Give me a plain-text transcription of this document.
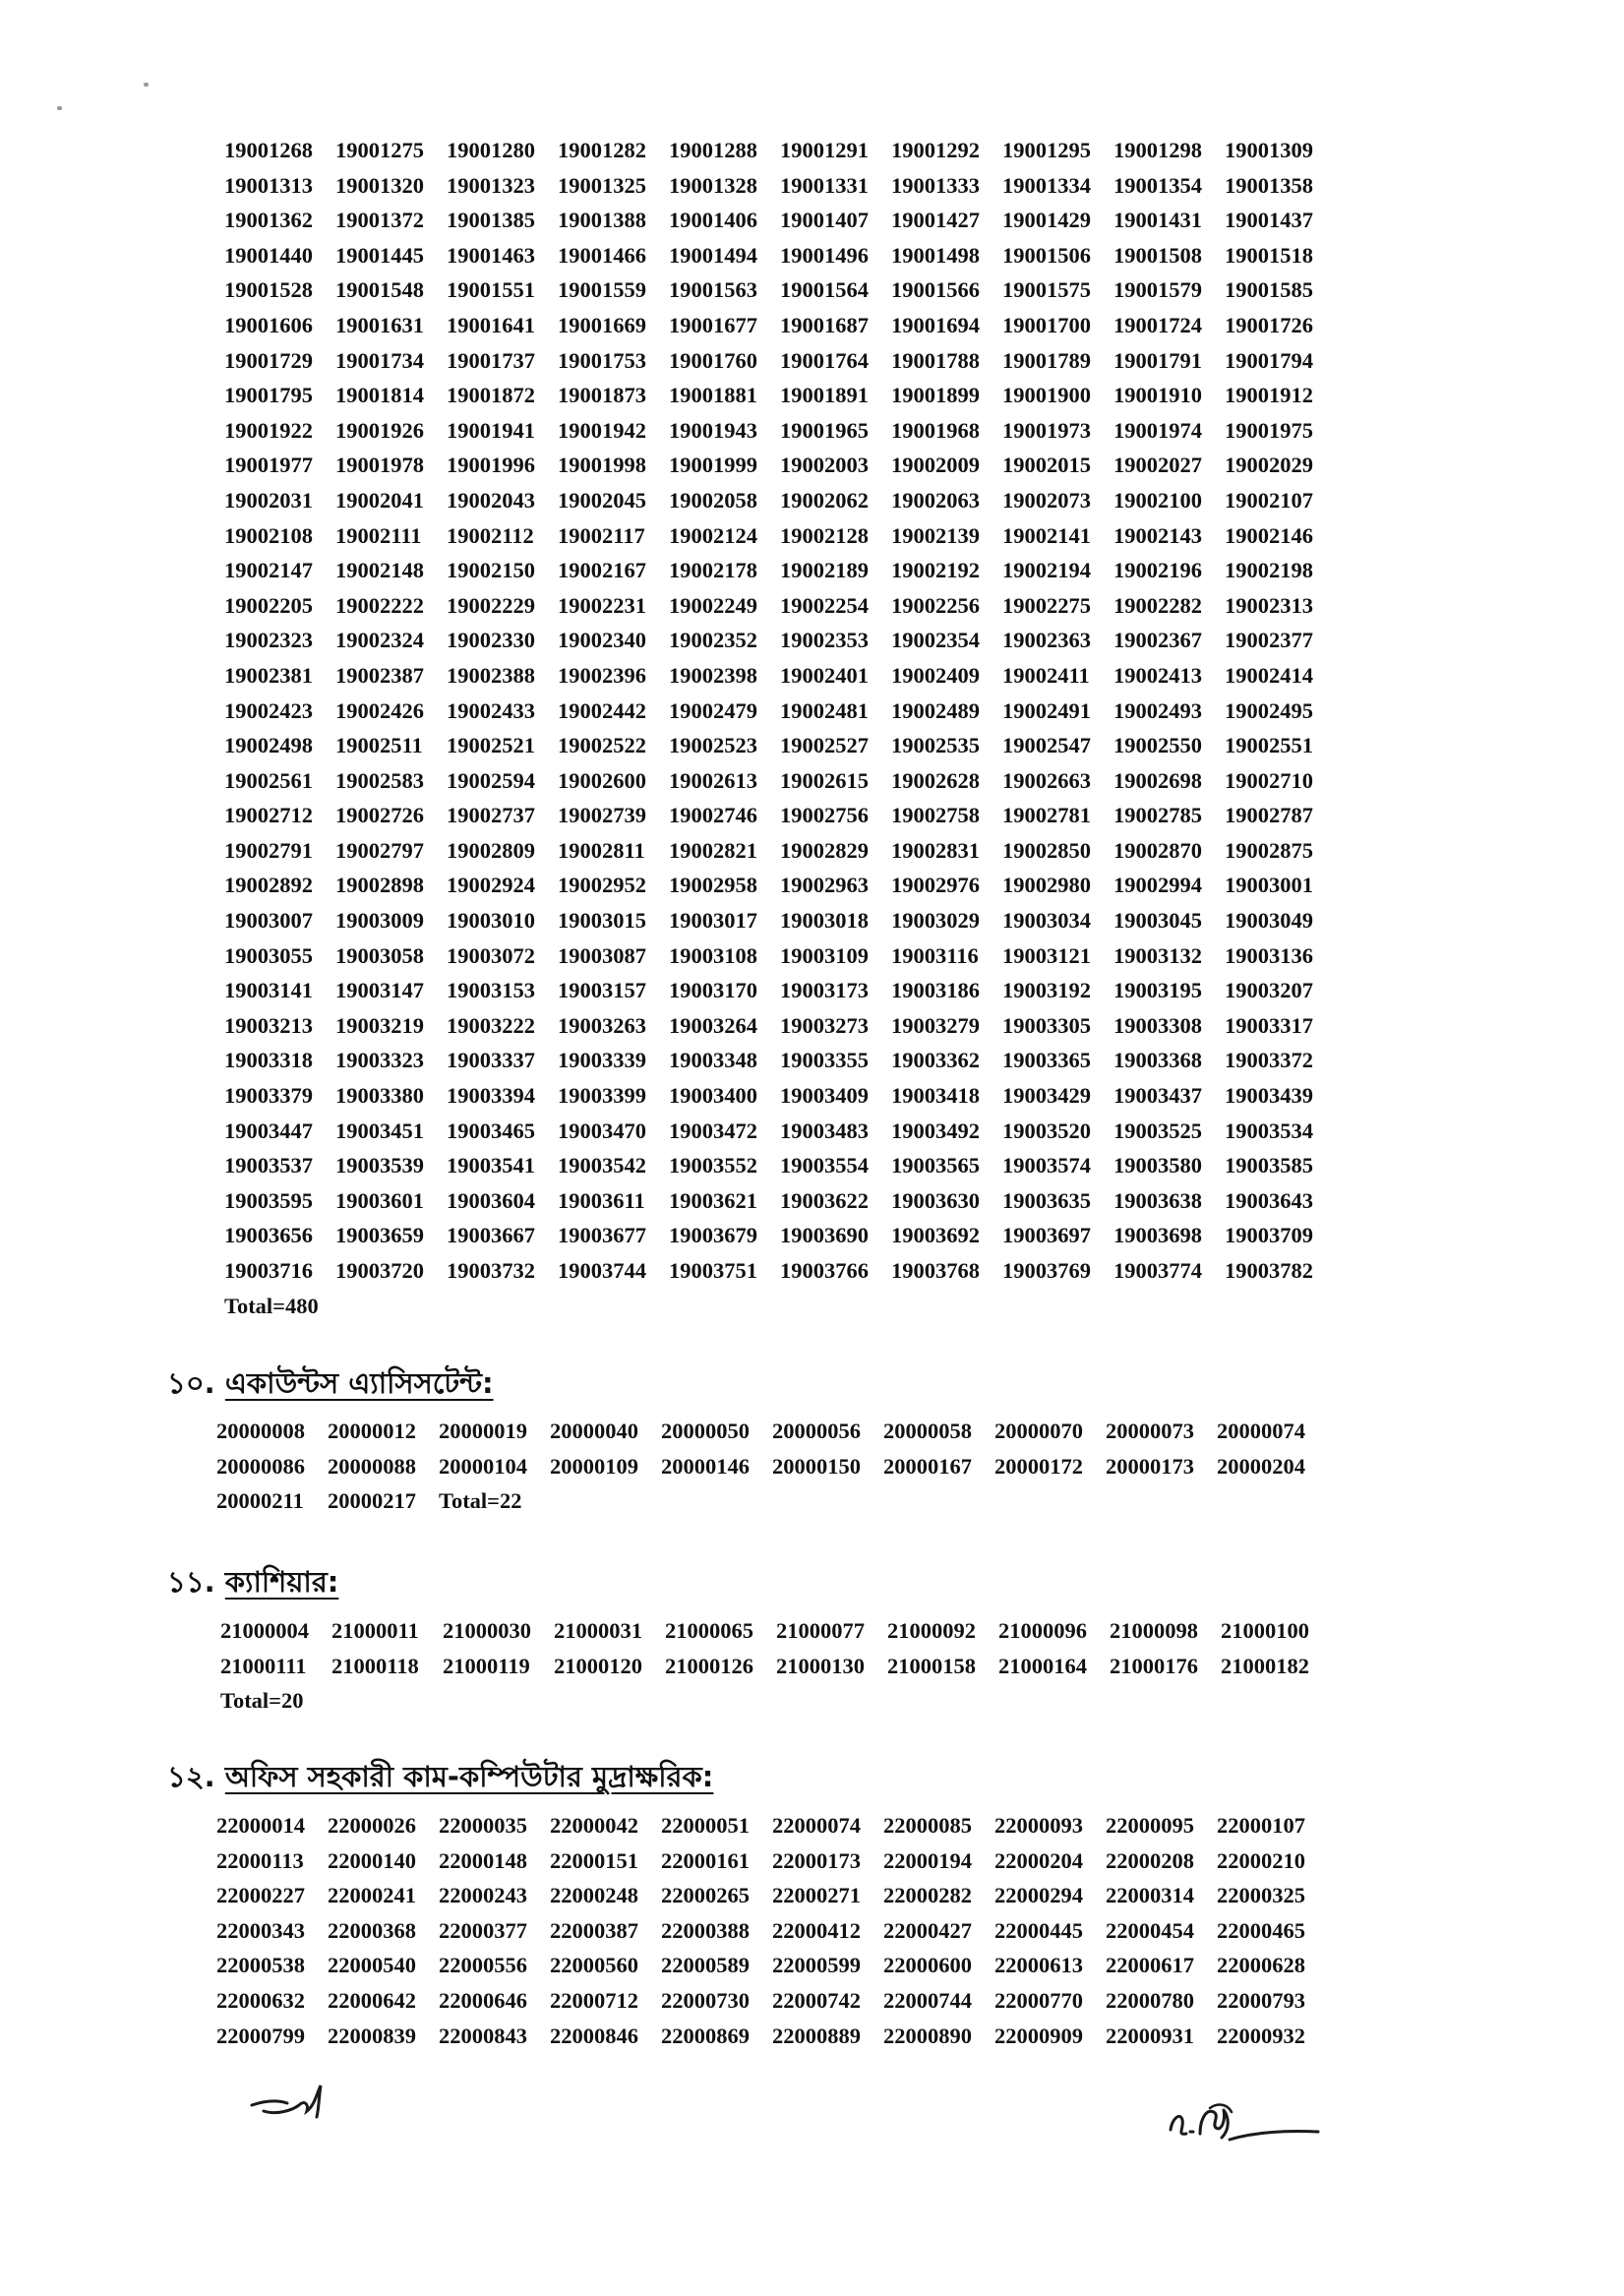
19001268	19001275	19001280	19001282	19001288	19001291	19001292	19001295	19001298	19001309
19001313	19001320	19001323	19001325	19001328	19001331	19001333	19001334	19001354	19001358
19001362	19001372	19001385	19001388	19001406	19001407	19001427	19001429	19001431	19001437
19001440	19001445	19001463	19001466	19001494	19001496	19001498	19001506	19001508	19001518
19001528	19001548	19001551	19001559	19001563	19001564	19001566	19001575	19001579	19001585
19001606	19001631	19001641	19001669	19001677	19001687	19001694	19001700	19001724	19001726
19001729	19001734	19001737	19001753	19001760	19001764	19001788	19001789	19001791	19001794
19001795	19001814	19001872	19001873	19001881	19001891	19001899	19001900	19001910	19001912
19001922	19001926	19001941	19001942	19001943	19001965	19001968	19001973	19001974	19001975
19001977	19001978	19001996	19001998	19001999	19002003	19002009	19002015	19002027	19002029
19002031	19002041	19002043	19002045	19002058	19002062	19002063	19002073	19002100	19002107
19002108	19002111	19002112	19002117	19002124	19002128	19002139	19002141	19002143	19002146
19002147	19002148	19002150	19002167	19002178	19002189	19002192	19002194	19002196	19002198
19002205	19002222	19002229	19002231	19002249	19002254	19002256	19002275	19002282	19002313
19002323	19002324	19002330	19002340	19002352	19002353	19002354	19002363	19002367	19002377
19002381	19002387	19002388	19002396	19002398	19002401	19002409	19002411	19002413	19002414
19002423	19002426	19002433	19002442	19002479	19002481	19002489	19002491	19002493	19002495
19002498	19002511	19002521	19002522	19002523	19002527	19002535	19002547	19002550	19002551
19002561	19002583	19002594	19002600	19002613	19002615	19002628	19002663	19002698	19002710
19002712	19002726	19002737	19002739	19002746	19002756	19002758	19002781	19002785	19002787
19002791	19002797	19002809	19002811	19002821	19002829	19002831	19002850	19002870	19002875
19002892	19002898	19002924	19002952	19002958	19002963	19002976	19002980	19002994	19003001
19003007	19003009	19003010	19003015	19003017	19003018	19003029	19003034	19003045	19003049
19003055	19003058	19003072	19003087	19003108	19003109	19003116	19003121	19003132	19003136
19003141	19003147	19003153	19003157	19003170	19003173	19003186	19003192	19003195	19003207
19003213	19003219	19003222	19003263	19003264	19003273	19003279	19003305	19003308	19003317
19003318	19003323	19003337	19003339	19003348	19003355	19003362	19003365	19003368	19003372
19003379	19003380	19003394	19003399	19003400	19003409	19003418	19003429	19003437	19003439
19003447	19003451	19003465	19003470	19003472	19003483	19003492	19003520	19003525	19003534
19003537	19003539	19003541	19003542	19003552	19003554	19003565	19003574	19003580	19003585
19003595	19003601	19003604	19003611	19003621	19003622	19003630	19003635	19003638	19003643
19003656	19003659	19003667	19003677	19003679	19003690	19003692	19003697	19003698	19003709
19003716	19003720	19003732	19003744	19003751	19003766	19003768	19003769	19003774	19003782
Total=480
১০. একাউন্টস এ্যাসিসটেন্ট:
20000008	20000012	20000019	20000040	20000050	20000056	20000058	20000070	20000073	20000074
20000086	20000088	20000104	20000109	20000146	20000150	20000167	20000172	20000173	20000204
20000211	20000217	Total=22
১১. ক্যাশিয়ার:
21000004	21000011	21000030	21000031	21000065	21000077	21000092	21000096	21000098	21000100
21000111	21000118	21000119	21000120	21000126	21000130	21000158	21000164	21000176	21000182
Total=20
১২. অফিস সহকারী কাম-কম্পিউটার মুদ্রাক্ষরিক:
22000014	22000026	22000035	22000042	22000051	22000074	22000085	22000093	22000095	22000107
22000113	22000140	22000148	22000151	22000161	22000173	22000194	22000204	22000208	22000210
22000227	22000241	22000243	22000248	22000265	22000271	22000282	22000294	22000314	22000325
22000343	22000368	22000377	22000387	22000388	22000412	22000427	22000445	22000454	22000465
22000538	22000540	22000556	22000560	22000589	22000599	22000600	22000613	22000617	22000628
22000632	22000642	22000646	22000712	22000730	22000742	22000744	22000770	22000780	22000793
22000799	22000839	22000843	22000846	22000869	22000889	22000890	22000909	22000931	22000932
